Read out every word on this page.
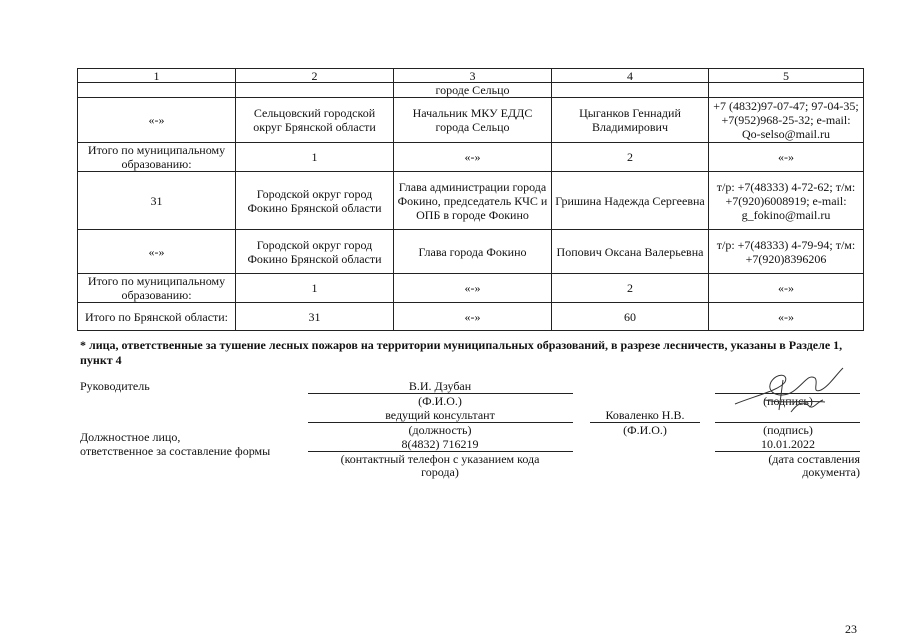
1	2	3	4	5
		городе Сельцо		
«-»	Сельцовский городской округ Брянской области	Начальник МКУ ЕДДС города Сельцо	Цыганков Геннадий Владимирович	+7 (4832)97-07-47; 97-04-35; +7(952)968-25-32; e-mail: Qo-selso@mail.ru
Итого по муниципальному образованию:	1	«-»	2	«-»
31	Городской округ город Фокино Брянской области	Глава администрации города Фокино, председатель КЧС и ОПБ в городе Фокино	Гришина Надежда Сергеевна	т/р: +7(48333) 4-72-62; т/м: +7(920)6008919; e-mail: g_fokino@mail.ru
«-»	Городской округ город Фокино Брянской области	Глава города Фокино	Попович Оксана Валерьевна	т/р: +7(48333) 4-79-94; т/м: +7(920)8396206
Итого по муниципальному образованию:	1	«-»	2	«-»
Итого по Брянской области:	31	«-»	60	«-»
* лица, ответственные за тушение лесных пожаров на территории муниципальных образований, в разрезе лесничеств, указаны в Разделе 1, пункт 4
Руководитель	В.И. Дзубан
(Ф.И.О.)	(подпись)
ведущий консультант
(должность)
Коваленко Н.В.
(Ф.И.О.)	(подпись)
Должностное лицо,
ответственное за составление формы	8(4832) 716219
(контактный телефон с указанием кода
города)
10.01.2022
(дата составления
документа)
23
